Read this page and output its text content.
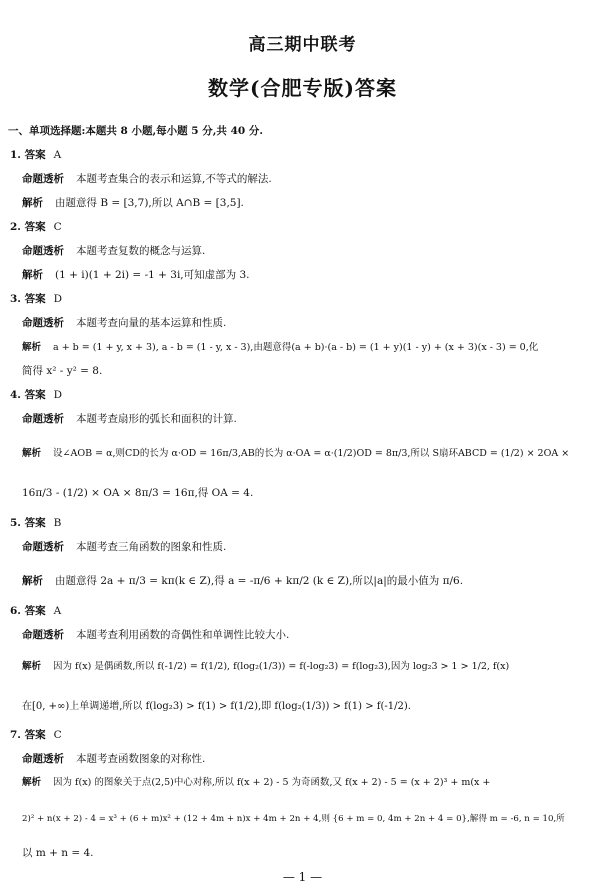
高三期中联考
数学(合肥专版)答案
一、单项选择题:本题共 8 小题,每小题 5 分,共 40 分.
1. 答案 A
命题透析 本题考查集合的表示和运算,不等式的解法.
解析 由题意得 B = [3,7),所以 A∩B = [3,5].
2. 答案 C
命题透析 本题考查复数的概念与运算.
解析 (1 + i)(1 + 2i) = -1 + 3i,可知虚部为 3.
3. 答案 D
命题透析 本题考查向量的基本运算和性质.
解析 a + b = (1 + y, x + 3), a - b = (1 - y, x - 3),由题意得(a + b)·(a - b) = (1 + y)(1 - y) + (x + 3)(x - 3) = 0,化
简得 x² - y² = 8.
4. 答案 D
命题透析 本题考查扇形的弧长和面积的计算.
解析 设∠AOB = α,则CD的长为 α·OD = 16π/3,AB的长为 α·OA = α·(1/2)OD = 8π/3,所以 S扇环ABCD = (1/2) × 2OA ×
16π/3 - (1/2) × OA × 8π/3 = 16π,得 OA = 4.
5. 答案 B
命题透析 本题考查三角函数的图象和性质.
解析 由题意得 2a + π/3 = kπ(k ∈ Z),得 a = -π/6 + kπ/2 (k ∈ Z),所以|a|的最小值为 π/6.
6. 答案 A
命题透析 本题考查利用函数的奇偶性和单调性比较大小.
解析 因为 f(x) 是偶函数,所以 f(-1/2) = f(1/2), f(log₂(1/3)) = f(-log₂3) = f(log₂3),因为 log₂3 > 1 > 1/2, f(x)
在[0, +∞)上单调递增,所以 f(log₂3) > f(1) > f(1/2),即 f(log₂(1/3)) > f(1) > f(-1/2).
7. 答案 C
命题透析 本题考查函数图象的对称性.
解析 因为 f(x) 的图象关于点(2,5)中心对称,所以 f(x + 2) - 5 为奇函数,又 f(x + 2) - 5 = (x + 2)³ + m(x +
2)² + n(x + 2) - 4 = x³ + (6 + m)x² + (12 + 4m + n)x + 4m + 2n + 4,则 {6 + m = 0, 4m + 2n + 4 = 0},解得 m = -6, n = 10,所
以 m + n = 4.
— 1 —
